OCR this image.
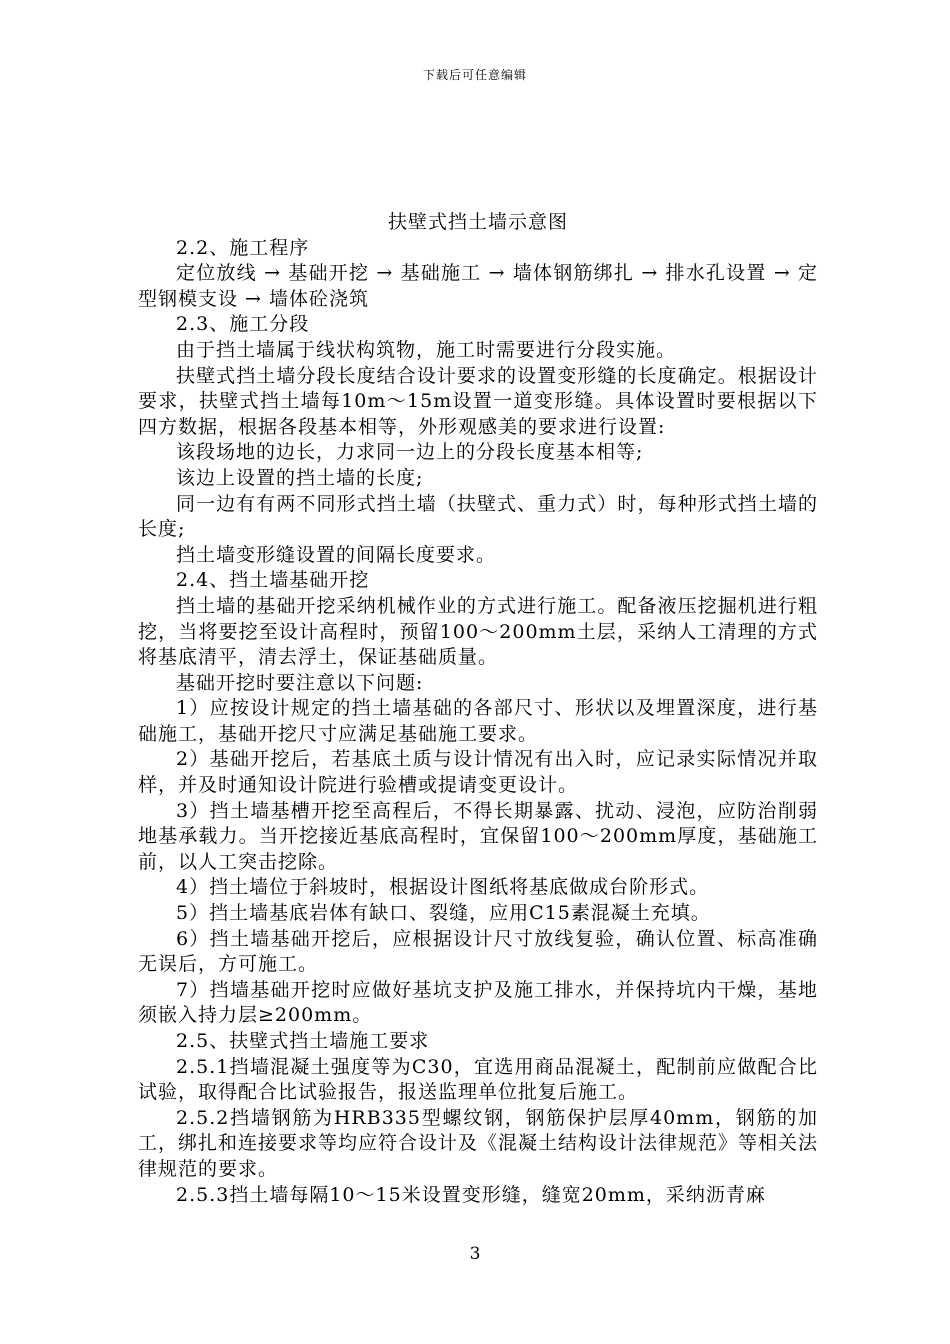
下载后可任意编辑

扶壁式挡土墙示意图

2.2、施工程序

定位放线 → 基础开挖 → 基础施工 → 墙体钢筋绑扎 → 排水孔设置 → 定型钢模支设 → 墙体砼浇筑

2.3、施工分段

由于挡土墙属于线状构筑物，施工时需要进行分段实施。

扶壁式挡土墙分段长度结合设计要求的设置变形缝的长度确定。根据设计要求，扶壁式挡土墙每10m～15m设置一道变形缝。具体设置时要根据以下四方数据，根据各段基本相等，外形观感美的要求进行设置:

该段场地的边长，力求同一边上的分段长度基本相等;

该边上设置的挡土墙的长度;

同一边有有两不同形式挡土墙（扶壁式、重力式）时，每种形式挡土墙的长度;

挡土墙变形缝设置的间隔长度要求。

2.4、挡土墙基础开挖

挡土墙的基础开挖采纳机械作业的方式进行施工。配备液压挖掘机进行粗挖，当将要挖至设计高程时，预留100～200mm土层，采纳人工清理的方式将基底清平，清去浮土，保证基础质量。

基础开挖时要注意以下问题:

1）应按设计规定的挡土墙基础的各部尺寸、形状以及埋置深度，进行基础施工，基础开挖尺寸应满足基础施工要求。

2）基础开挖后，若基底土质与设计情况有出入时，应记录实际情况并取样，并及时通知设计院进行验槽或提请变更设计。

3）挡土墙基槽开挖至高程后，不得长期暴露、扰动、浸泡，应防治削弱地基承载力。当开挖接近基底高程时，宜保留100～200mm厚度，基础施工前，以人工突击挖除。

4）挡土墙位于斜坡时，根据设计图纸将基底做成台阶形式。

5）挡土墙基底岩体有缺口、裂缝，应用C15素混凝土充填。

6）挡土墙基础开挖后，应根据设计尺寸放线复验，确认位置、标高准确无误后，方可施工。

7）挡墙基础开挖时应做好基坑支护及施工排水，并保持坑内干燥，基地须嵌入持力层≥200mm。

2.5、扶壁式挡土墙施工要求

2.5.1挡墙混凝土强度等为C30，宜选用商品混凝土，配制前应做配合比试验，取得配合比试验报告，报送监理单位批复后施工。

2.5.2挡墙钢筋为HRB335型螺纹钢，钢筋保护层厚40mm，钢筋的加工，绑扎和连接要求等均应符合设计及《混凝土结构设计法律规范》等相关法律规范的要求。

2.5.3挡土墙每隔10～15米设置变形缝，缝宽20mm，采纳沥青麻

3
